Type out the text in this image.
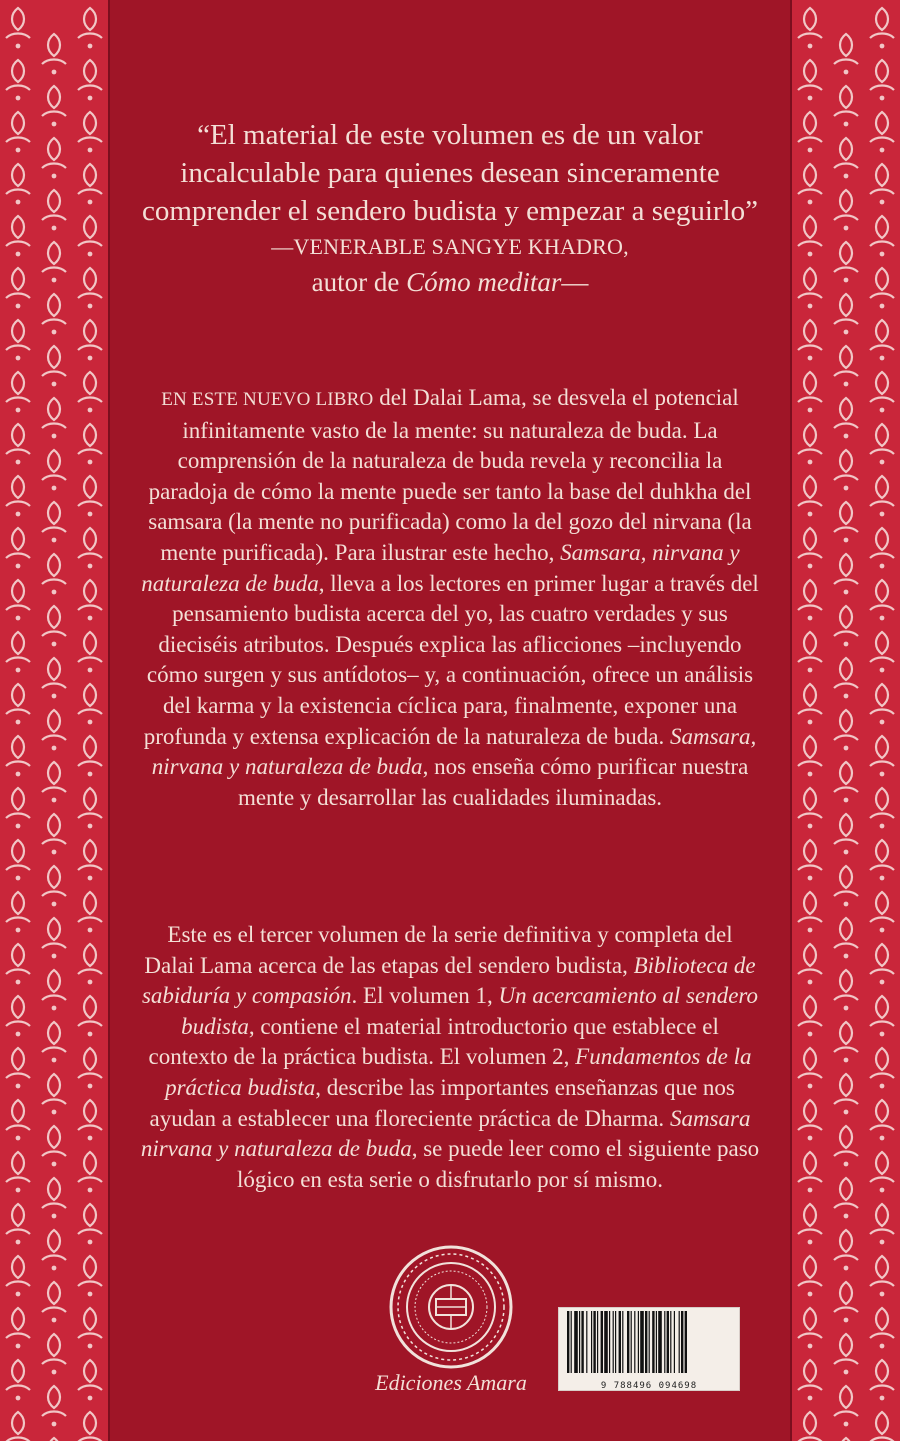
“El material de este volumen es de un valor

incalculable para quienes desean sinceramente

comprender el sendero budista y empezar a seguirlo”

—VENERABLE SANGYE KHADRO,

autor de Cómo meditar—

EN ESTE NUEVO LIBRO del Dalai Lama, se desvela el potencial infinitamente vasto de la mente: su naturaleza de buda. La comprensión de la naturaleza de buda revela y reconcilia la paradoja de cómo la mente puede ser tanto la base del duhkha del samsara (la mente no purificada) como la del gozo del nirvana (la mente purificada). Para ilustrar este hecho, Samsara, nirvana y naturaleza de buda, lleva a los lectores en primer lugar a través del pensamiento budista acerca del yo, las cuatro verdades y sus dieciséis atributos. Después explica las aflicciones –incluyendo cómo surgen y sus antídotos– y, a continuación, ofrece un análisis del karma y la existencia cíclica para, finalmente, exponer una profunda y extensa explicación de la naturaleza de buda. Samsara, nirvana y naturaleza de buda, nos enseña cómo purificar nuestra mente y desarrollar las cualidades iluminadas.

Este es el tercer volumen de la serie definitiva y completa del Dalai Lama acerca de las etapas del sendero budista, Biblioteca de sabiduría y compasión. El volumen 1, Un acercamiento al sendero budista, contiene el material introductorio que establece el contexto de la práctica budista. El volumen 2, Fundamentos de la práctica budista, describe las importantes enseñanzas que nos ayudan a establecer una floreciente práctica de Dharma. Samsara nirvana y naturaleza de buda, se puede leer como el siguiente paso lógico en esta serie o disfrutarlo por sí mismo.

Ediciones Amara	9 788496 094698
